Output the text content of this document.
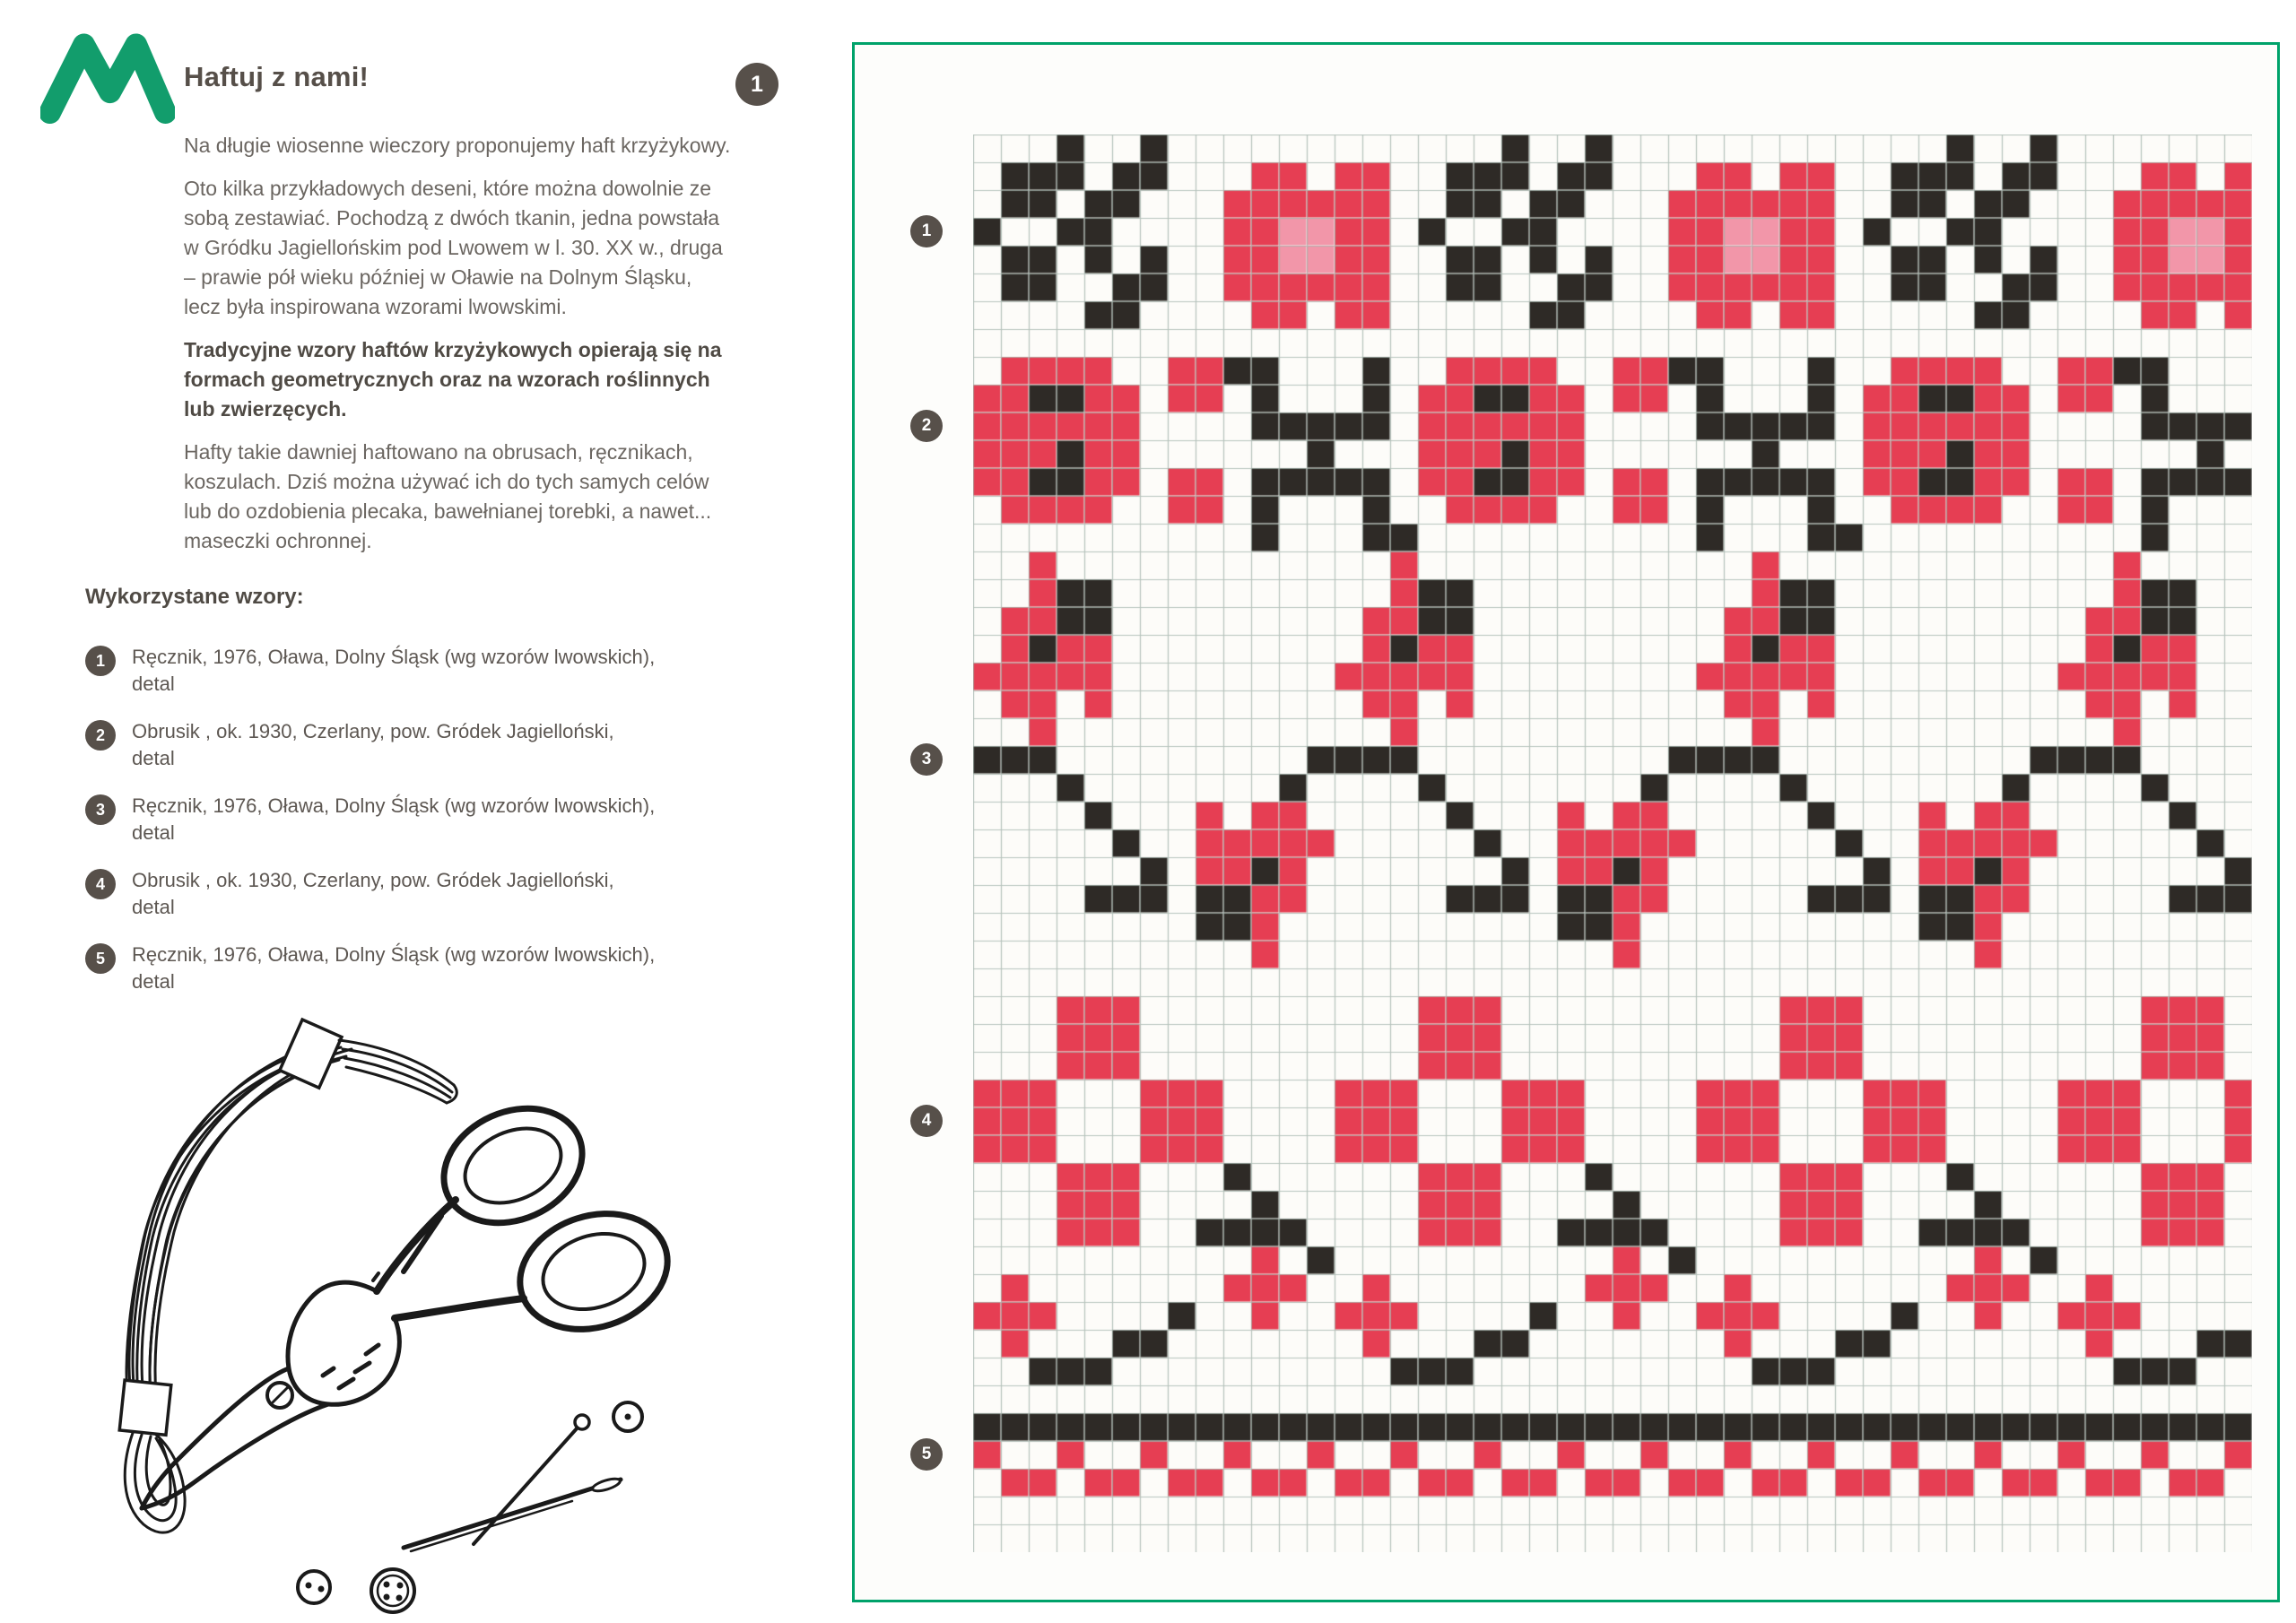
Haftuj z nami!	1

Na długie wiosenne wieczory proponujemy haft krzyżykowy.

Oto kilka przykładowych deseni, które można dowolnie ze sobą zestawiać. Pochodzą z dwóch tkanin, jedna powstała w Gródku Jagiellońskim pod Lwowem w l. 30. XX w., druga – prawie pół wieku później w Oławie na Dolnym Śląsku, lecz była inspirowana wzorami lwowskimi.

Tradycyjne wzory haftów krzyżykowych opierają się na formach geometrycznych oraz na wzorach roślinnych lub zwierzęcych.

Hafty takie dawniej haftowano na obrusach, ręcznikach, koszulach. Dziś można używać ich do tych samych celów lub do ozdobienia plecaka, bawełnianej torebki, a nawet... maseczki ochronnej.

Wykorzystane wzory:
1	Ręcznik, 1976, Oława, Dolny Śląsk (wg wzorów lwowskich),
detal
2	Obrusik , ok. 1930, Czerlany, pow. Gródek Jagielloński,
detal
3	Ręcznik, 1976, Oława, Dolny Śląsk (wg wzorów lwowskich),
detal
4	Obrusik , ok. 1930, Czerlany, pow. Gródek Jagielloński,
detal
5	Ręcznik, 1976, Oława, Dolny Śląsk (wg wzorów lwowskich),
detal
1
2
3
4
5
